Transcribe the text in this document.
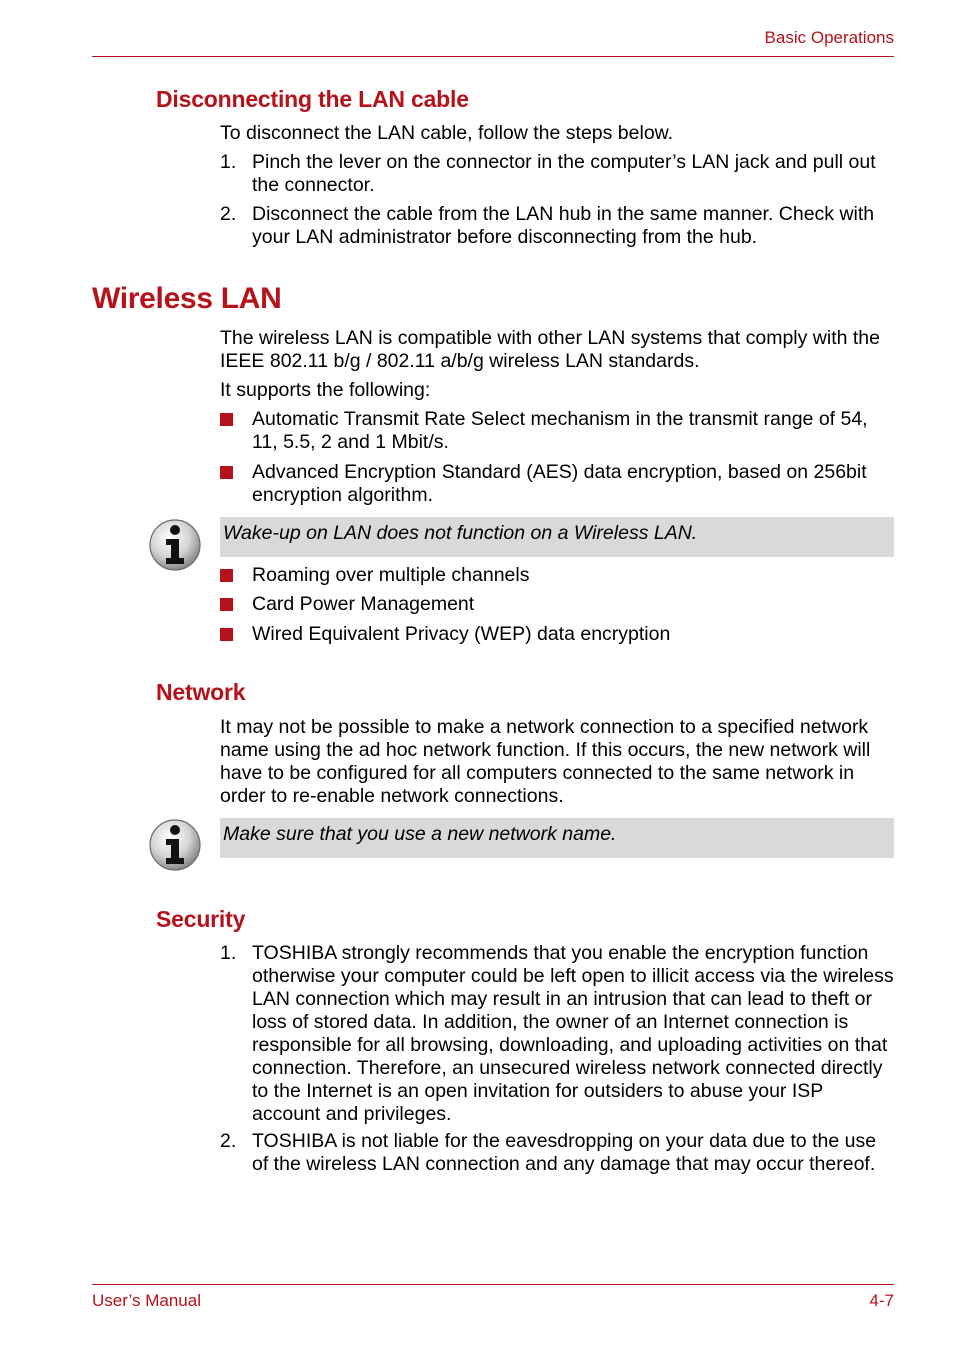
Basic Operations
Disconnecting the LAN cable
To disconnect the LAN cable, follow the steps below.
1. Pinch the lever on the connector in the computer’s LAN jack and pull out the connector.
2. Disconnect the cable from the LAN hub in the same manner. Check with your LAN administrator before disconnecting from the hub.
Wireless LAN
The wireless LAN is compatible with other LAN systems that comply with the IEEE 802.11 b/g / 802.11 a/b/g wireless LAN standards.
It supports the following:
Automatic Transmit Rate Select mechanism in the transmit range of 54, 11, 5.5, 2 and 1 Mbit/s.
Advanced Encryption Standard (AES) data encryption, based on 256bit encryption algorithm.
Wake-up on LAN does not function on a Wireless LAN.
Roaming over multiple channels
Card Power Management
Wired Equivalent Privacy (WEP) data encryption
Network
It may not be possible to make a network connection to a specified network name using the ad hoc network function. If this occurs, the new network will have to be configured for all computers connected to the same network in order to re-enable network connections.
Make sure that you use a new network name.
Security
1. TOSHIBA strongly recommends that you enable the encryption function otherwise your computer could be left open to illicit access via the wireless LAN connection which may result in an intrusion that can lead to theft or loss of stored data. In addition, the owner of an Internet connection is responsible for all browsing, downloading, and uploading activities on that connection. Therefore, an unsecured wireless network connected directly to the Internet is an open invitation for outsiders to abuse your ISP account and privileges.
2. TOSHIBA is not liable for the eavesdropping on your data due to the use of the wireless LAN connection and any damage that may occur thereof.
User’s Manual	4-7
